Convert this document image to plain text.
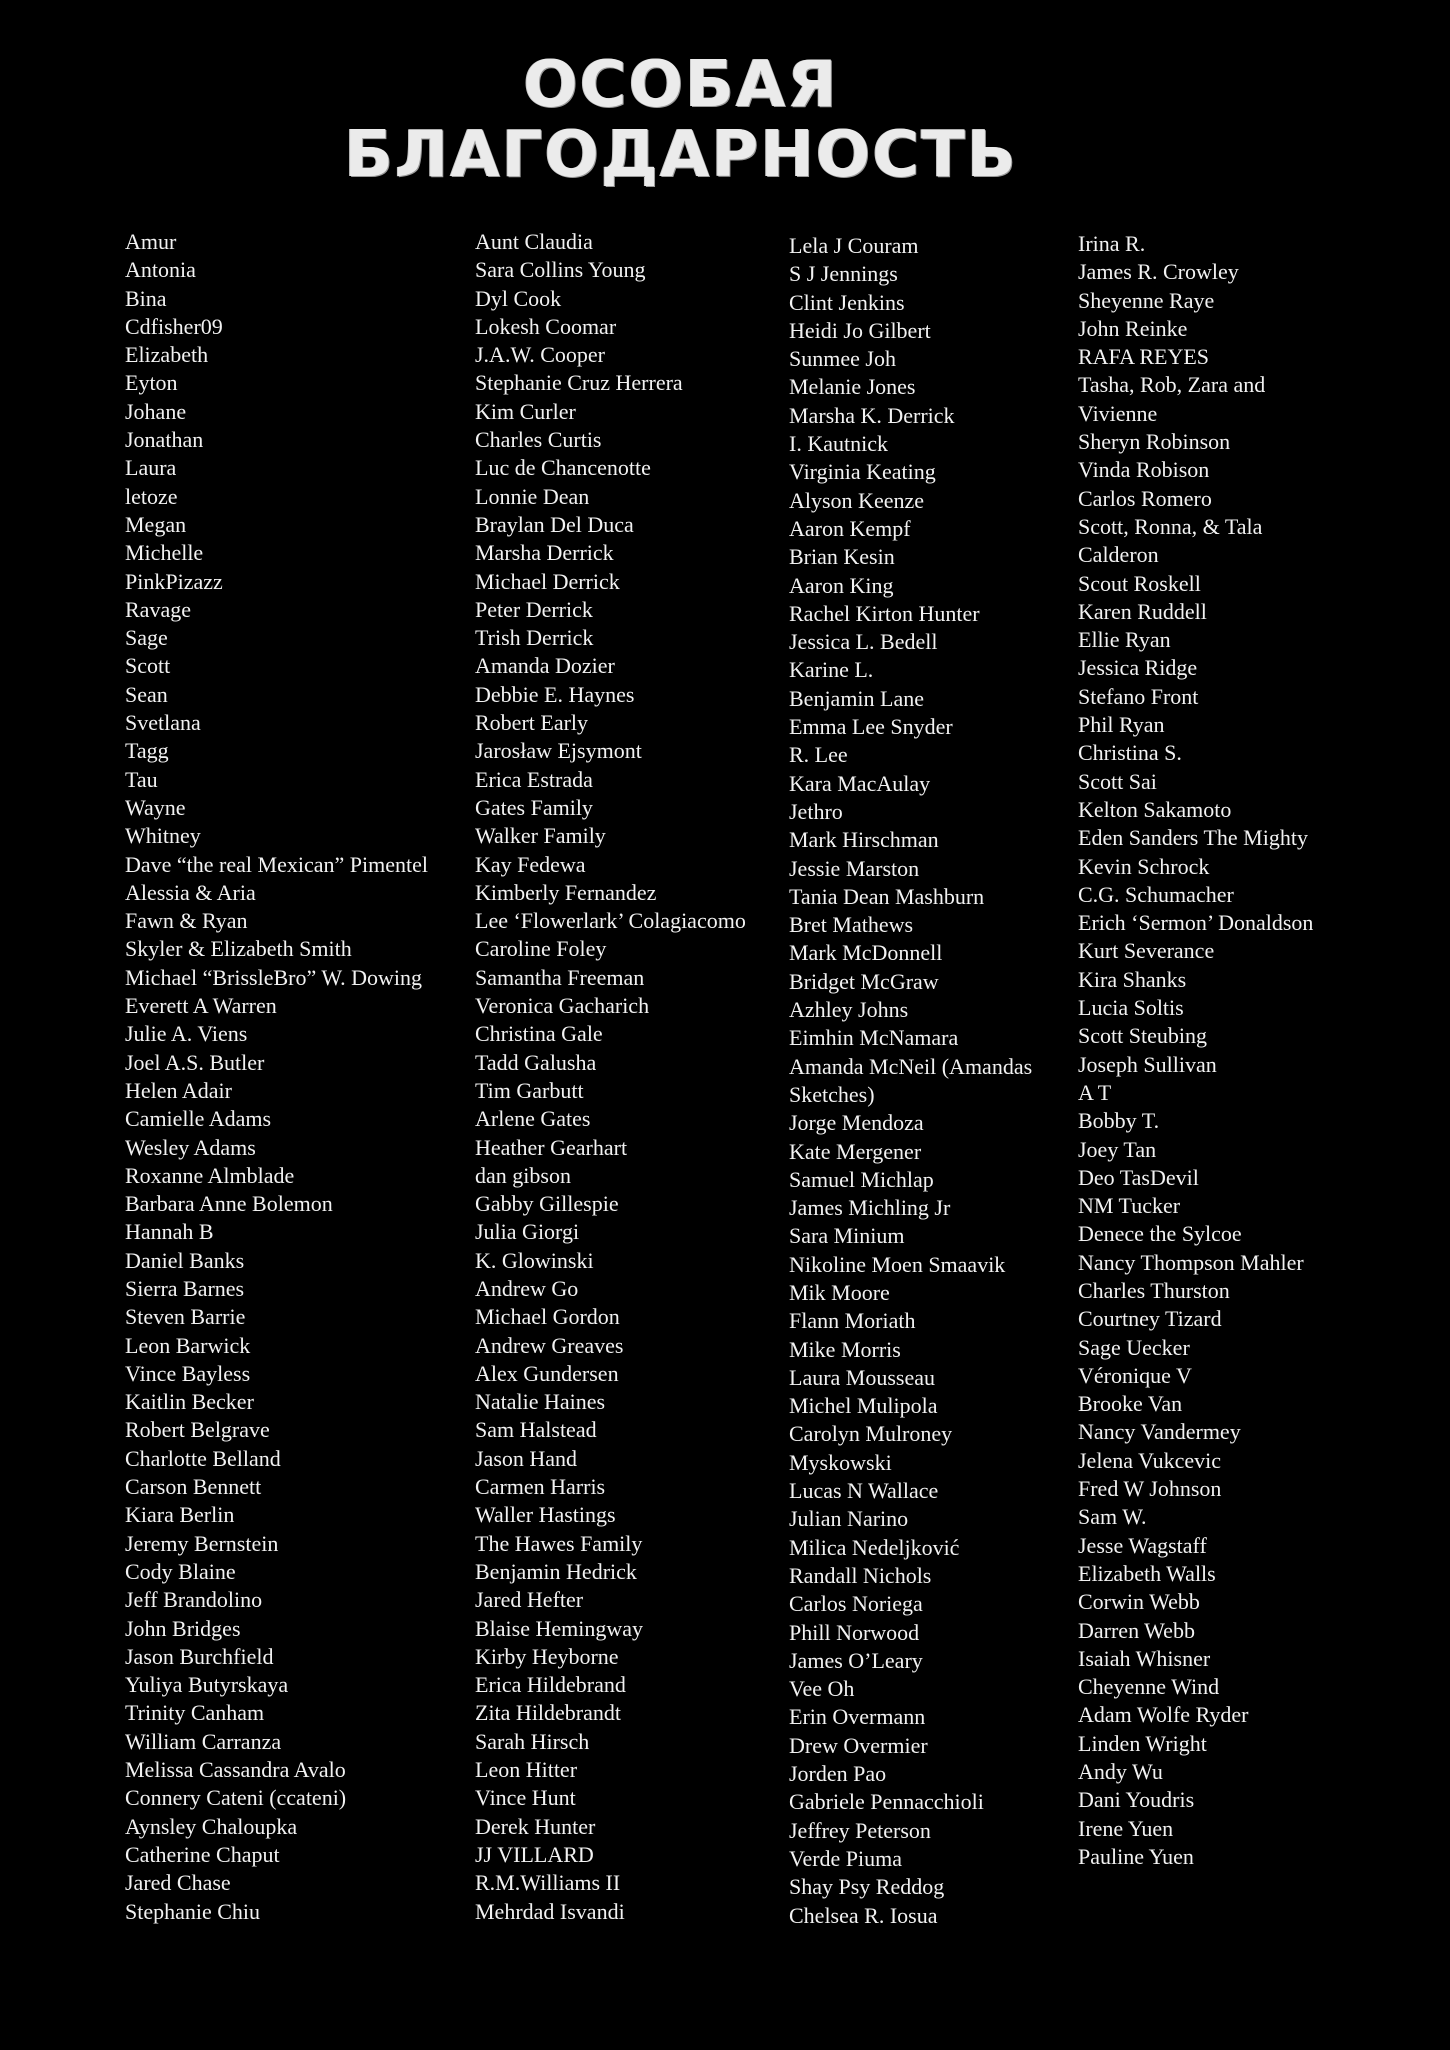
ОСОБАЯ
БЛАГОДАРНОСТЬ
Amur
Antonia
Bina
Cdfisher09
Elizabeth
Eyton
Johane
Jonathan
Laura
letoze
Megan
Michelle
PinkPizazz
Ravage
Sage
Scott
Sean
Svetlana
Tagg
Tau
Wayne
Whitney
Dave “the real Mexican” Pimentel
Alessia & Aria
Fawn & Ryan
Skyler & Elizabeth Smith
Michael “BrissleBro” W. Dowing
Everett A Warren
Julie A. Viens
Joel A.S. Butler
Helen Adair
Camielle Adams
Wesley Adams
Roxanne Almblade
Barbara Anne Bolemon
Hannah B
Daniel Banks
Sierra Barnes
Steven Barrie
Leon Barwick
Vince Bayless
Kaitlin Becker
Robert Belgrave
Charlotte Belland
Carson Bennett
Kiara Berlin
Jeremy Bernstein
Cody Blaine
Jeff Brandolino
John Bridges
Jason Burchfield
Yuliya Butyrskaya
Trinity Canham
William Carranza
Melissa Cassandra Avalo
Connery Cateni (ccateni)
Aynsley Chaloupka
Catherine Chaput
Jared Chase
Stephanie Chiu
Aunt Claudia
Sara Collins Young
Dyl Cook
Lokesh Coomar
J.A.W. Cooper
Stephanie Cruz Herrera
Kim Curler
Charles Curtis
Luc de Chancenotte
Lonnie Dean
Braylan Del Duca
Marsha Derrick
Michael Derrick
Peter Derrick
Trish Derrick
Amanda Dozier
Debbie E. Haynes
Robert Early
Jarosław Ejsymont
Erica Estrada
Gates Family
Walker Family
Kay Fedewa
Kimberly Fernandez
Lee ‘Flowerlark’ Colagiacomo
Caroline Foley
Samantha Freeman
Veronica Gacharich
Christina Gale
Tadd Galusha
Tim Garbutt
Arlene Gates
Heather Gearhart
dan gibson
Gabby Gillespie
Julia Giorgi
K. Glowinski
Andrew Go
Michael Gordon
Andrew Greaves
Alex Gundersen
Natalie Haines
Sam Halstead
Jason Hand
Carmen Harris
Waller Hastings
The Hawes Family
Benjamin Hedrick
Jared Hefter
Blaise Hemingway
Kirby Heyborne
Erica Hildebrand
Zita Hildebrandt
Sarah Hirsch
Leon Hitter
Vince Hunt
Derek Hunter
JJ VILLARD
R.M.Williams II
Mehrdad Isvandi
Lela J Couram
S J Jennings
Clint Jenkins
Heidi Jo Gilbert
Sunmee Joh
Melanie Jones
Marsha K. Derrick
I. Kautnick
Virginia Keating
Alyson Keenze
Aaron Kempf
Brian Kesin
Aaron King
Rachel Kirton Hunter
Jessica L. Bedell
Karine L.
Benjamin Lane
Emma Lee Snyder
R. Lee
Kara MacAulay
Jethro
Mark Hirschman
Jessie Marston
Tania Dean Mashburn
Bret Mathews
Mark McDonnell
Bridget McGraw
Azhley Johns
Eimhin McNamara
Amanda McNeil (Amandas
Sketches)
Jorge Mendoza
Kate Mergener
Samuel Michlap
James Michling Jr
Sara Minium
Nikoline Moen Smaavik
Mik Moore
Flann Moriath
Mike Morris
Laura Mousseau
Michel Mulipola
Carolyn Mulroney
Myskowski
Lucas N Wallace
Julian Narino
Milica Nedeljković
Randall Nichols
Carlos Noriega
Phill Norwood
James O’Leary
Vee Oh
Erin Overmann
Drew Overmier
Jorden Pao
Gabriele Pennacchioli
Jeffrey Peterson
Verde Piuma
Shay Psy Reddog
Chelsea R. Iosua
Irina R.
James R. Crowley
Sheyenne Raye
John Reinke
RAFA REYES
Tasha, Rob, Zara and
Vivienne
Sheryn Robinson
Vinda Robison
Carlos Romero
Scott, Ronna, & Tala
Calderon
Scout Roskell
Karen Ruddell
Ellie Ryan
Jessica Ridge
Stefano Front
Phil Ryan
Christina S.
Scott Sai
Kelton Sakamoto
Eden Sanders The Mighty
Kevin Schrock
C.G. Schumacher
Erich ‘Sermon’ Donaldson
Kurt Severance
Kira Shanks
Lucia Soltis
Scott Steubing
Joseph Sullivan
A T
Bobby T.
Joey Tan
Deo TasDevil
NM Tucker
Denece the Sylcoe
Nancy Thompson Mahler
Charles Thurston
Courtney Tizard
Sage Uecker
Véronique V
Brooke Van
Nancy Vandermey
Jelena Vukcevic
Fred W Johnson
Sam W.
Jesse Wagstaff
Elizabeth Walls
Corwin Webb
Darren Webb
Isaiah Whisner
Cheyenne Wind
Adam Wolfe Ryder
Linden Wright
Andy Wu
Dani Youdris
Irene Yuen
Pauline Yuen
